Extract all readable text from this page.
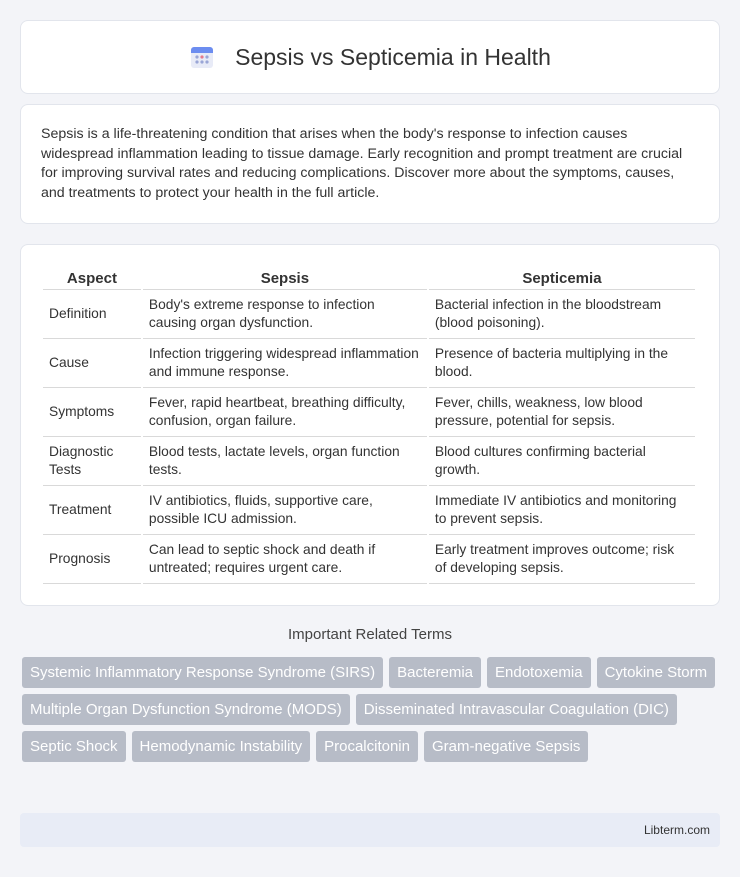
Sepsis vs Septicemia in Health

Sepsis is a life-threatening condition that arises when the body's response to infection causes widespread inflammation leading to tissue damage. Early recognition and prompt treatment are crucial for improving survival rates and reducing complications. Discover more about the symptoms, causes, and treatments to protect your health in the full article.

Aspect	Sepsis	Septicemia
Definition	Body's extreme response to infection causing organ dysfunction.	Bacterial infection in the bloodstream (blood poisoning).
Cause	Infection triggering widespread inflammation and immune response.	Presence of bacteria multiplying in the blood.
Symptoms	Fever, rapid heartbeat, breathing difficulty, confusion, organ failure.	Fever, chills, weakness, low blood pressure, potential for sepsis.
Diagnostic Tests	Blood tests, lactate levels, organ function tests.	Blood cultures confirming bacterial growth.
Treatment	IV antibiotics, fluids, supportive care, possible ICU admission.	Immediate IV antibiotics and monitoring to prevent sepsis.
Prognosis	Can lead to septic shock and death if untreated; requires urgent care.	Early treatment improves outcome; risk of developing sepsis.
Important Related Terms
Systemic Inflammatory Response Syndrome (SIRS)	Bacteremia	Endotoxemia	Cytokine Storm
Multiple Organ Dysfunction Syndrome (MODS)	Disseminated Intravascular Coagulation (DIC)
Septic Shock	Hemodynamic Instability	Procalcitonin	Gram-negative Sepsis
Libterm.com
